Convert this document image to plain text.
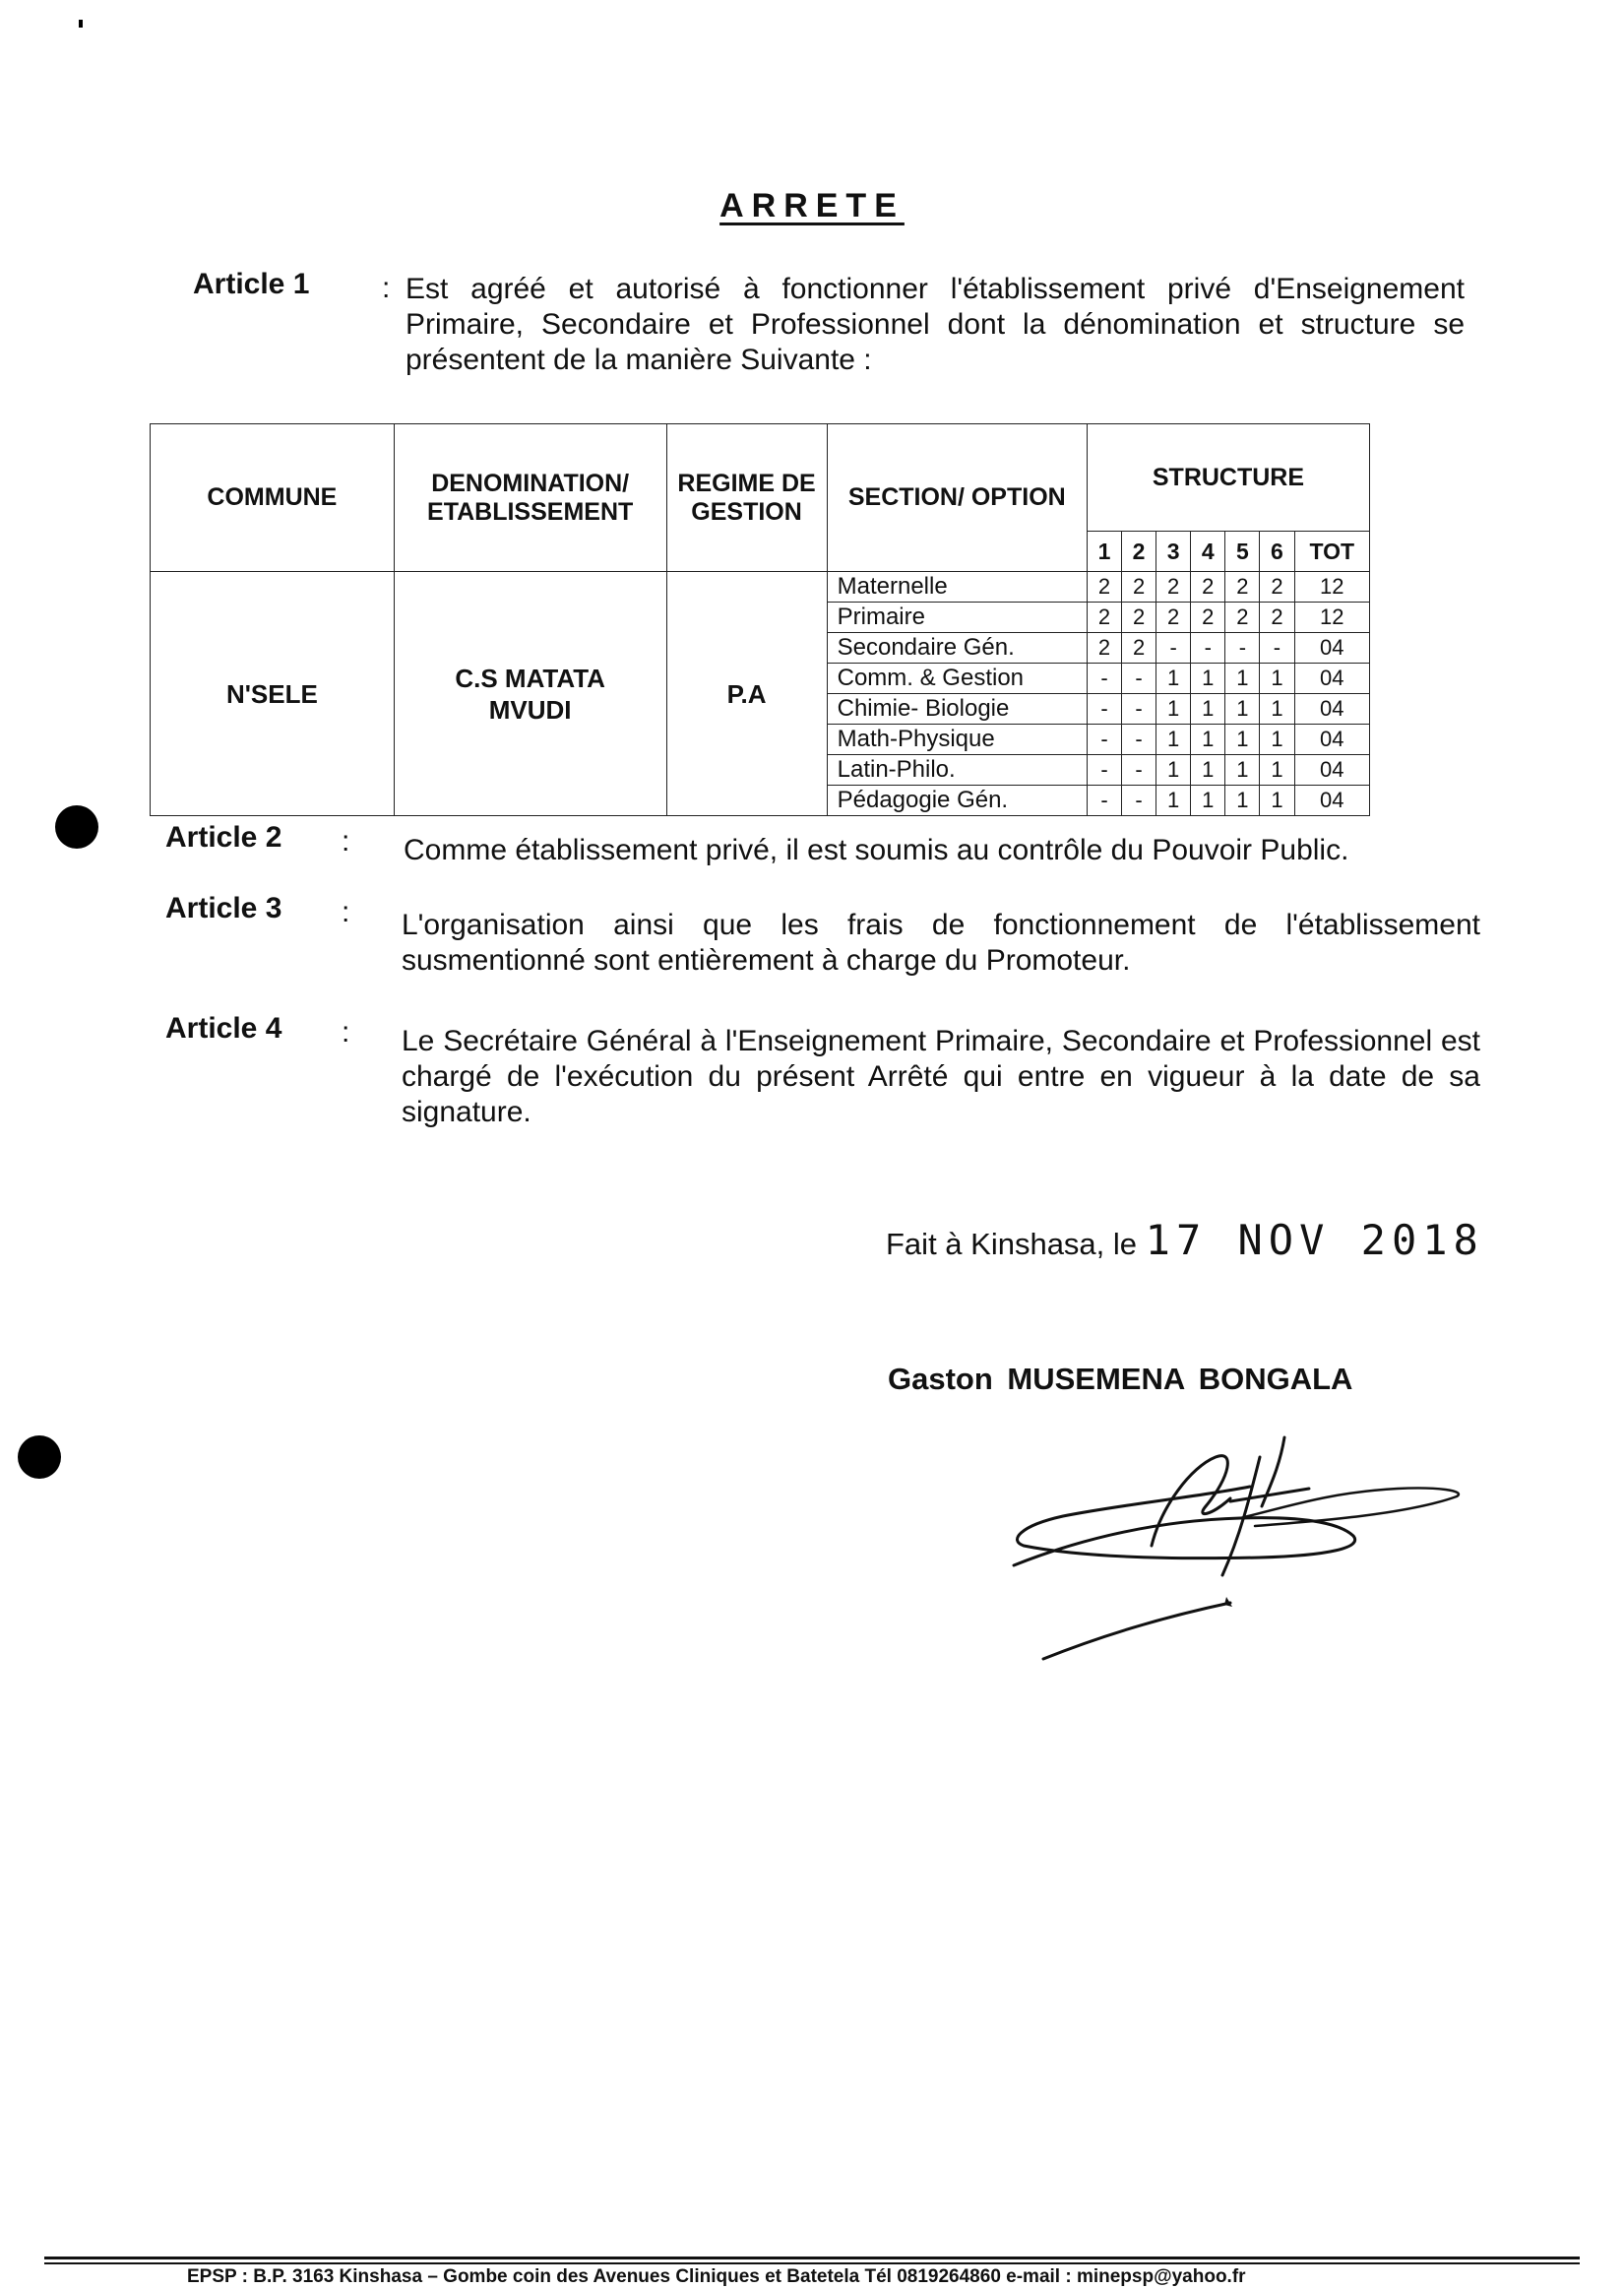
ARRETE
Article 1 : Est agréé et autorisé à fonctionner l'établissement privé d'Enseignement Primaire, Secondaire et Professionnel dont la dénomination et structure se présentent de la manière Suivante :
COMMUNE	DENOMINATION/ ETABLISSEMENT	REGIME DE GESTION	SECTION/ OPTION	STRUCTURE						
				1	2	3	4	5	6	TOT
N'SELE	C.S MATATA MVUDI	P.A	Maternelle	2	2	2	2	2	2	12
			Primaire	2	2	2	2	2	2	12
			Secondaire Gén.	2	2	-	-	-	-	04
			Comm. & Gestion	-	-	1	1	1	1	04
			Chimie- Biologie	-	-	1	1	1	1	04
			Math-Physique	-	-	1	1	1	1	04
			Latin-Philo.	-	-	1	1	1	1	04
			Pédagogie Gén.	-	-	1	1	1	1	04
Article 2 : Comme établissement privé, il est soumis au contrôle du Pouvoir Public.
Article 3 : L'organisation ainsi que les frais de fonctionnement de l'établissement susmentionné sont entièrement à charge du Promoteur.
Article 4 : Le Secrétaire Général à l'Enseignement Primaire, Secondaire et Professionnel est chargé de l'exécution du présent Arrêté qui entre en vigueur à la date de sa signature.
Fait à Kinshasa, le 17 NOV 2018
Gaston MUSEMENA BONGALA
EPSP : B.P. 3163 Kinshasa – Gombe coin des Avenues Cliniques et Batetela Tél 0819264860 e-mail : minepsp@yahoo.fr
